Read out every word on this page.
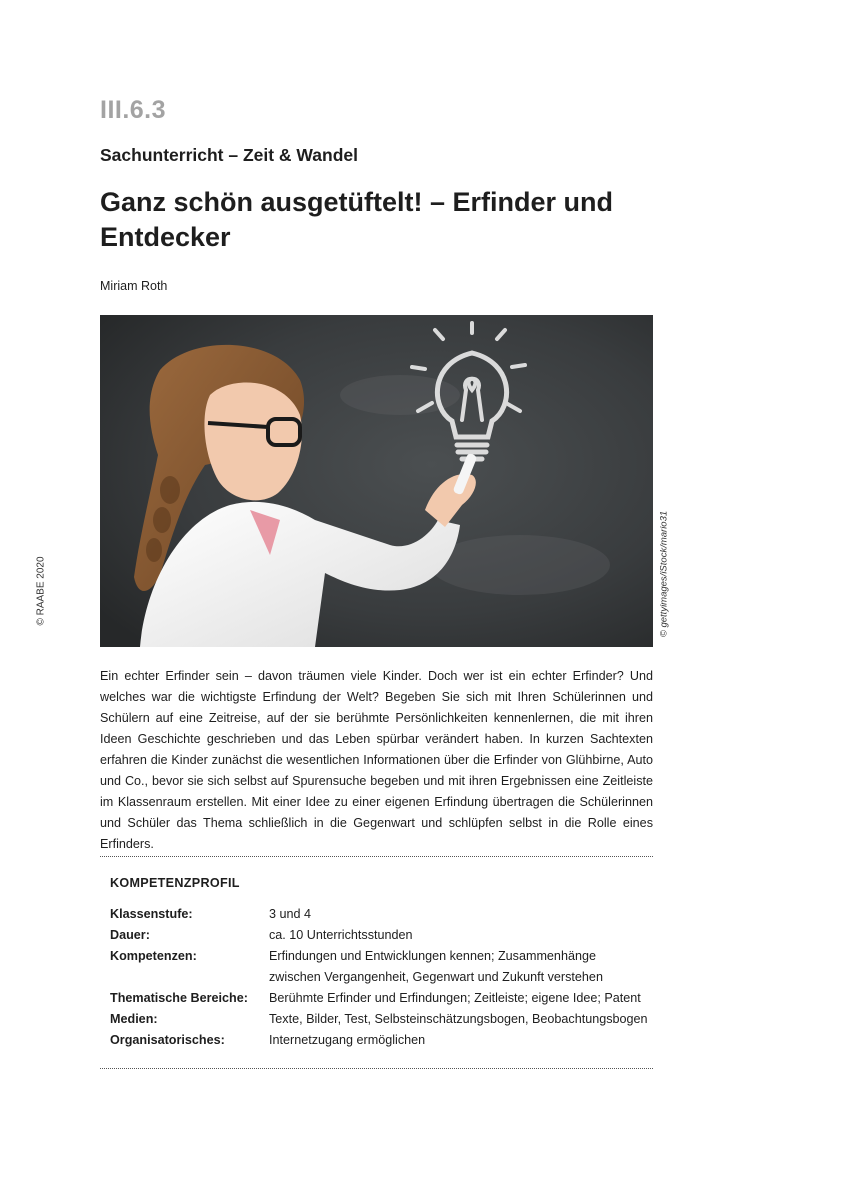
© RAABE 2020
III.6.3
Sachunterricht – Zeit & Wandel
Ganz schön ausgetüftelt! – Erfinder und Entdecker
Miriam Roth
© gettyimages/iStock/mario31

Ein echter Erfinder sein – davon träumen viele Kinder. Doch wer ist ein echter Erfinder? Und welches war die wichtigste Erfindung der Welt? Begeben Sie sich mit Ihren Schülerinnen und Schülern auf eine Zeitreise, auf der sie berühmte Persönlichkeiten kennenlernen, die mit ihren Ideen Geschichte geschrieben und das Leben spürbar verändert haben. In kurzen Sachtexten erfahren die Kinder zunächst die wesentlichen Informationen über die Erfinder von Glühbirne, Auto und Co., bevor sie sich selbst auf Spurensuche begeben und mit ihren Ergebnissen eine Zeitleiste im Klassenraum erstellen. Mit einer Idee zu einer eigenen Erfindung übertragen die Schülerinnen und Schüler das Thema schließlich in die Gegenwart und schlüpfen selbst in die Rolle eines Erfinders.

KOMPETENZPROFIL
Klassenstufe:	3 und 4
Dauer:	ca. 10 Unterrichtsstunden
Kompetenzen:	Erfindungen und Entwicklungen kennen; Zusammenhänge zwischen Vergangenheit, Gegenwart und Zukunft verstehen
Thematische Bereiche:	Berühmte Erfinder und Erfindungen; Zeitleiste; eigene Idee; Patent
Medien:	Texte, Bilder, Test, Selbsteinschätzungsbogen, Beobachtungsbogen
Organisatorisches:	Internetzugang ermöglichen
